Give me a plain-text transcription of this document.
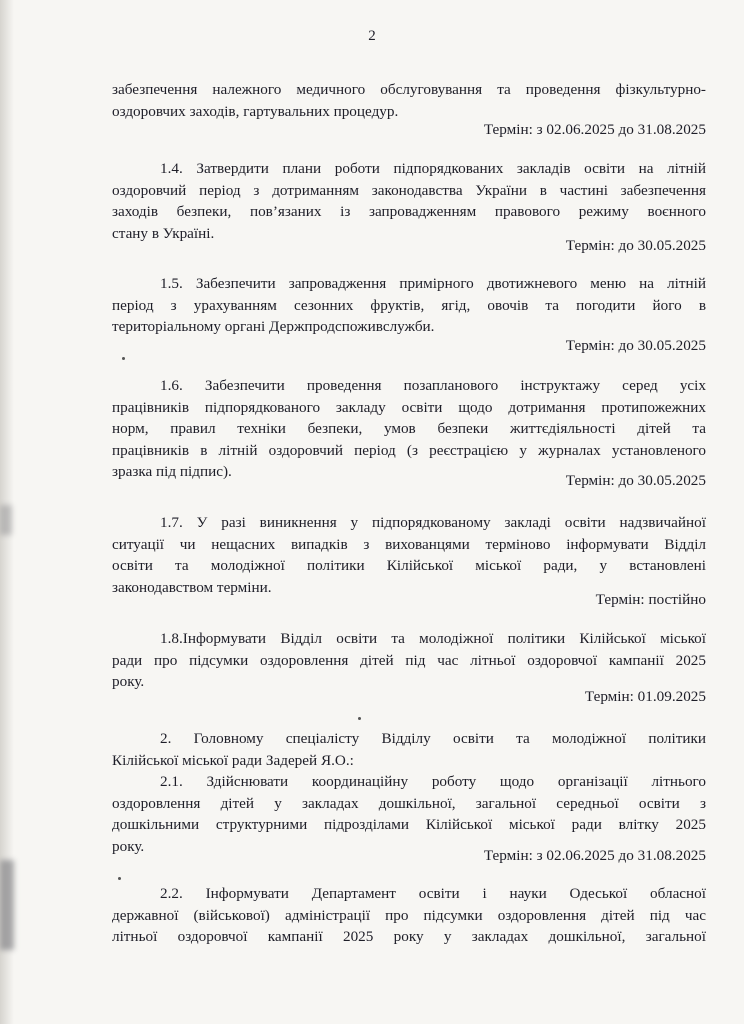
2

забезпечення належного медичного обслуговування та проведення фізкультурно-
оздоровчих заходів, гартувальних процедур.

Термін: з 02.06.2025 до 31.08.2025

1.4. Затвердити плани роботи підпорядкованих закладів освіти на літній
оздоровчий період з дотриманням законодавства України в частині забезпечення
заходів безпеки, пов’язаних із запровадженням правового режиму воєнного
стану в Україні.

Термін: до 30.05.2025

1.5. Забезпечити запровадження примірного двотижневого меню на літній
період з урахуванням сезонних фруктів, ягід, овочів та погодити його в
територіальному органі Держпродспоживслужби.

Термін: до 30.05.2025

1.6. Забезпечити проведення позапланового інструктажу серед усіх
працівників підпорядкованого закладу освіти щодо дотримання протипожежних
норм, правил техніки безпеки, умов безпеки життєдіяльності дітей та
працівників в літній оздоровчий період (з реєстрацією у журналах установленого
зразка під підпис).

Термін: до 30.05.2025

1.7. У разі виникнення у підпорядкованому закладі освіти надзвичайної
ситуації чи нещасних випадків з вихованцями терміново інформувати Відділ
освіти та молодіжної політики Кілійської міської ради, у встановлені
законодавством терміни.

Термін: постійно

1.8.Інформувати Відділ освіти та молодіжної політики Кілійської міської
ради про підсумки оздоровлення дітей під час літньої оздоровчої кампанії 2025
року.

Термін: 01.09.2025

2. Головному спеціалісту Відділу освіти та молодіжної політики
Кілійської міської ради Задерей Я.О.:
2.1. Здійснювати координаційну роботу щодо організації літнього
оздоровлення дітей у закладах дошкільної, загальної середньої освіти з
дошкільними структурними підрозділами Кілійської міської ради влітку 2025
року.

Термін: з 02.06.2025 до 31.08.2025

2.2. Інформувати Департамент освіти і науки Одеської обласної
державної (військової) адміністрації про підсумки оздоровлення дітей під час
літньої оздоровчої кампанії 2025 року у закладах дошкільної, загальної
